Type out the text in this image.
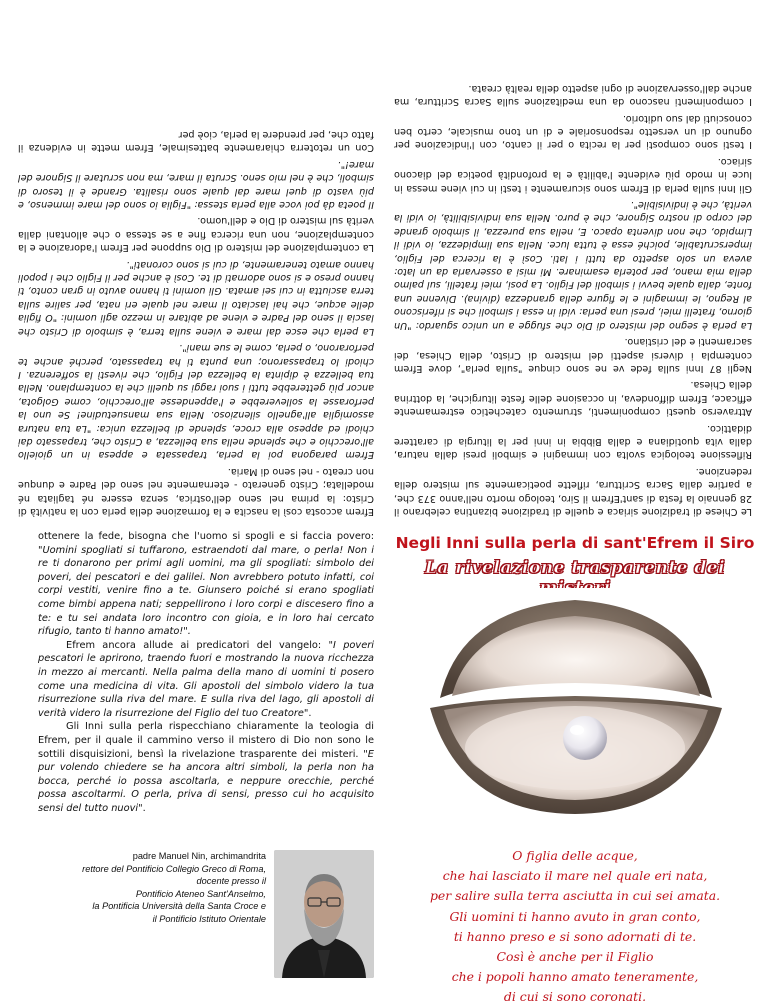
Le Chiese di tradizione siriaca e quelle di tradizione bizantina celebrano il 28 gennaio la festa di sant'Efrem il Siro, teologo morto nell'anno 373 che, a partire dalla Sacra Scrittura, riflette poeticamente sul mistero della redenzione.

Riflessione teologica svolta con immagini e simboli presi dalla natura, dalla vita quotidiana e dalla Bibbia in inni per la liturgia di carattere didattico.

Attraverso questi componimenti, strumento catechetico estremamente efficace, Efrem diffondeva, in occasione delle feste liturgiche, la dottrina della Chiesa.

Negli 87 Inni sulla fede ve ne sono cinque "sulla perla", dove Efrem contempla i diversi aspetti del mistero di Cristo, della Chiesa, dei sacramenti e del cristiano.

La perla è segno del mistero di Dio che sfugge a un unico sguardo: "Un giorno, fratelli miei, presi una perla: vidi in essa i simboli che si riferiscono al Regno, le immagini e le figure della grandezza (divina). Divenne una fonte, dalla quale bevvi i simboli del Figlio. La posi, miei fratelli, sul palmo della mia mano, per poterla esaminare. Mi misi a osservarla da un lato: aveva un solo aspetto da tutti i lati. Così è la ricerca del Figlio, imperscrutabile, poiché essa è tutta luce. Nella sua limpidezza, io vidi il Limpido, che non diventa opaco. E, nella sua purezza, il simbolo grande del corpo di nostro Signore, che è puro. Nella sua indivisibilità, io vidi la verità, che è indivisibile".

Gli Inni sulla perla di Efrem sono sicuramente i testi in cui viene messa in luce in modo più evidente l'abilità e la profondità poetica del diacono siriaco.

I testi sono composti per la recita o per il canto, con l'indicazione per ognuno di un versetto responsoriale e di un tono musicale, certo ben conosciuti dal suo uditorio.

I componimenti nascono da una meditazione sulla Sacra Scrittura, ma anche dall'osservazione di ogni aspetto della realtà creata.

Efrem accosta così la nascita e la formazione della perla con la natività di Cristo: la prima nel seno dell'ostrica, senza essere né tagliata né modellata; Cristo generato - eternamente nel seno del Padre e dunque non creato - nel seno di Maria.

Efrem paragona poi la perla, trapassata e appesa in un gioiello all'orecchio e che splende nella sua bellezza, a Cristo che, trapassato dai chiodi ed appeso alla croce, splende di bellezza unica: "La tua natura assomiglia all'agnello silenzioso. Nella sua mansuetudine! Se uno la perforasse la solleverebbe e l'appendesse all'orecchio, come Golgota, ancor più getterebbe tutti i suoi raggi su quelli che la contemplano. Nella tua bellezza è dipinta la bellezza del Figlio, che rivestì la sofferenza. I chiodi lo trapassarono; una punta ti ha trapassato, perché anche te perforarono, o perla, come le sue mani".

La perla che esce dal mare e viene sulla terra, è simbolo di Cristo che lascia il seno del Padre e viene ad abitare in mezzo agli uomini: "O figlia delle acque, che hai lasciato il mare nel quale eri nata, per salire sulla terra asciutta in cui sei amata. Gli uomini ti hanno avuto in gran conto, ti hanno preso e si sono adornati di te. Così è anche per il Figlio che i popoli hanno amato teneramente, di cui si sono coronati".

La contemplazione del mistero di Dio suppone per Efrem l'adorazione e la contemplazione, non una ricerca fine a se stessa o che allontani dalla verità sul mistero di Dio e dell'uomo.

Il poeta dà poi voce alla perla stessa: "Figlia io sono del mare immenso, e più vasto di quel mare dal quale sono risalita. Grande è il tesoro di simboli, che è nel mio seno. Scruta il mare, ma non scrutare il Signore del mare!".

Con un retoterra chiaramente battesimale, Efrem mette in evidenza il fatto che, per prendere la perla, cioè per

ottenere la fede, bisogna che l'uomo si spogli e si faccia povero: "Uomini spogliati si tuffarono, estraendoti dal mare, o perla! Non i re ti donarono per primi agli uomini, ma gli spogliati: simbolo dei poveri, dei pescatori e dei galilei. Non avrebbero potuto infatti, coi corpi vestiti, venire fino a te. Giunsero poiché si erano spogliati come bimbi appena nati; seppellirono i loro corpi e discesero fino a te: e tu sei andata loro incontro con gioia, e in loro hai cercato rifugio, tanto ti hanno amato!".

Efrem ancora allude ai predicatori del vangelo: "I poveri pescatori le aprirono, traendo fuori e mostrando la nuova ricchezza in mezzo ai mercanti. Nella palma della mano di uomini ti posero come una medicina di vita. Gli apostoli del simbolo videro la tua risurrezione sulla riva del mare. E sulla riva del lago, gli apostoli di verità videro la risurrezione del Figlio del tuo Creatore".

Gli Inni sulla perla rispecchiano chiaramente la teologia di Efrem, per il quale il cammino verso il mistero di Dio non sono le sottili disquisizioni, bensì la rivelazione trasparente dei misteri. "E pur volendo chiedere se ha ancora altri simboli, la perla non ha bocca, perché io possa ascoltarla, e neppure orecchie, perché possa ascoltarmi. O perla, priva di sensi, presso cui ho acquisito sensi del tutto nuovi".

padre Manuel Nin, archimandrita
rettore del Pontificio Collegio Greco di Roma,
docente presso il
Pontificio Ateneo Sant'Anselmo,
la Pontificia Università della Santa Croce e
il Pontificio Istituto Orientale
Negli Inni sulla perla di sant'Efrem il Siro
La rivelazione trasparente dei
O figlia delle acque,
che hai lasciato il mare nel quale eri nata,
per salire sulla terra asciutta in cui sei amata.
Gli uomini ti hanno avuto in gran conto,
ti hanno preso e si sono adornati di te.
Così è anche per il Figlio
che i popoli hanno amato teneramente,
di cui si sono coronati.
